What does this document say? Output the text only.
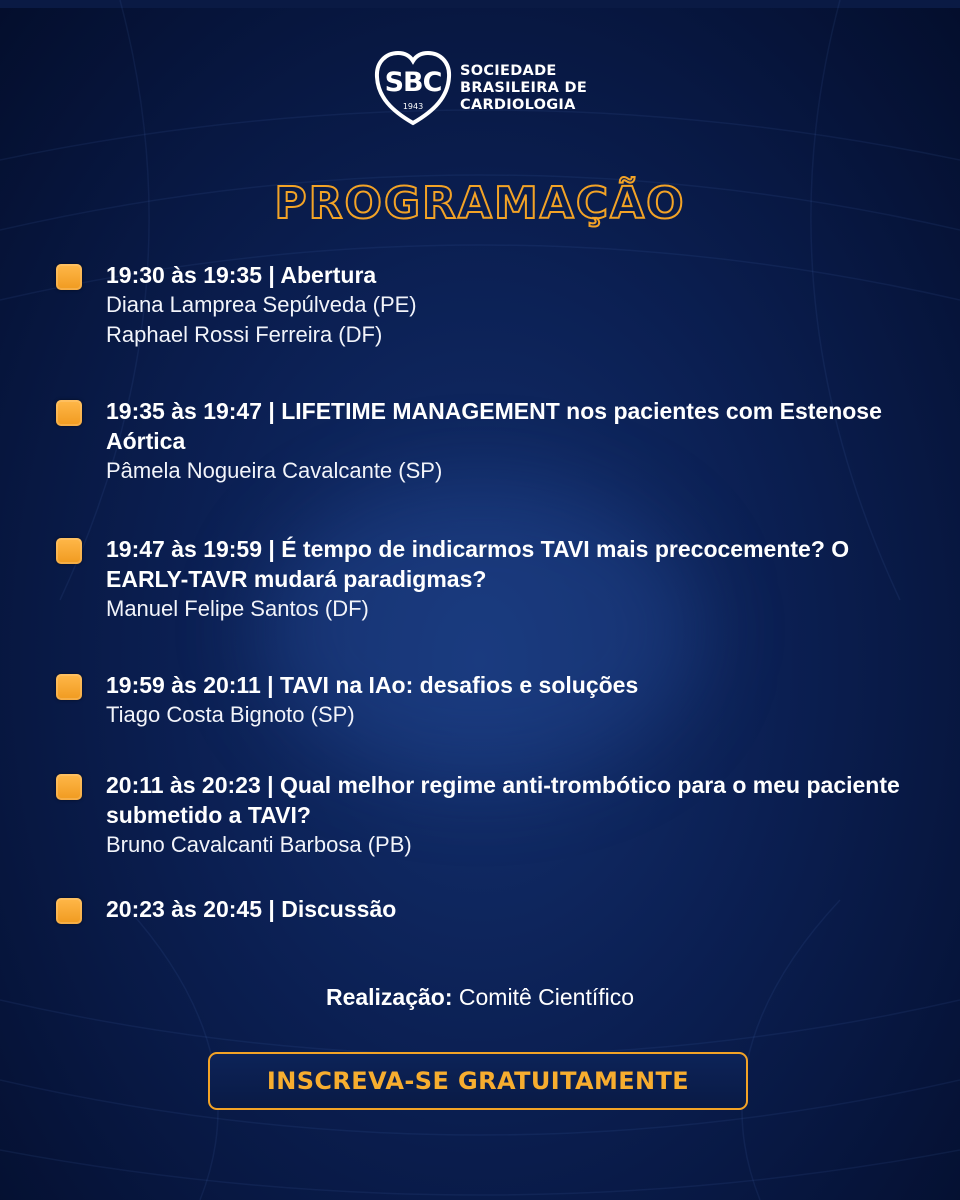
SBC
1943
SOCIEDADE
BRASILEIRA DE
CARDIOLOGIA
PROGRAMAÇÃO
19:30 às 19:35 | Abertura
Diana Lamprea Sepúlveda (PE)
Raphael Rossi Ferreira (DF)
19:35 às 19:47 | LIFETIME MANAGEMENT nos pacientes com Estenose Aórtica
Pâmela Nogueira Cavalcante (SP)
19:47 às 19:59 | É tempo de indicarmos TAVI mais precocemente? O EARLY-TAVR mudará paradigmas?
Manuel Felipe Santos (DF)
19:59 às 20:11 | TAVI na IAo: desafios e soluções
Tiago Costa Bignoto (SP)
20:11 às 20:23 | Qual melhor regime anti-trombótico para o meu paciente submetido a TAVI?
Bruno Cavalcanti Barbosa (PB)
20:23 às 20:45 | Discussão
Realização: Comitê Científico
INSCREVA-SE GRATUITAMENTE
